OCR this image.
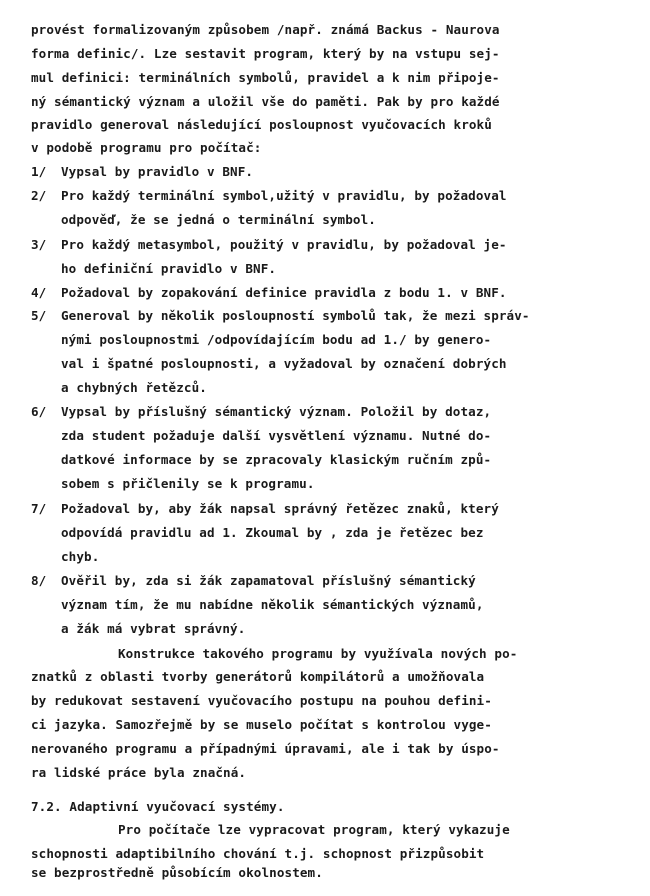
provést formalizovaným způsobem /např. známá Backus - Naurova

forma definic/. Lze sestavit program, který by na vstupu sej-

mul definici: terminálních symbolů, pravidel a k nim připoje-

ný sémantický význam a uložil vše do paměti. Pak by pro každé

pravidlo generoval následující posloupnost vyučovacích kroků

v podobě programu pro počítač:

1/ Vypsal by pravidlo v BNF.

2/ Pro každý terminální symbol,užitý v pravidlu, by požadoval

odpověď, že se jedná o terminální symbol.

3/ Pro každý metasymbol, použitý v pravidlu, by požadoval je-

ho definiční pravidlo v BNF.

4/ Požadoval by zopakování definice pravidla z bodu 1. v BNF.

5/ Generoval by několik posloupností symbolů tak, že mezi správ-

nými posloupnostmi /odpovídajícím bodu ad 1./ by genero-

val i špatné posloupnosti, a vyžadoval by označení dobrých

a chybných řetězců.

6/ Vypsal by příslušný sémantický význam. Položil by dotaz,

zda student požaduje další vysvětlení významu. Nutné do-

datkové informace by se zpracovaly klasickým ručním způ-

sobem s přičlenily se k programu.

7/ Požadoval by, aby žák napsal správný řetězec znaků, který

odpovídá pravidlu ad 1. Zkoumal by , zda je řetězec bez

chyb.

8/ Ověřil by, zda si žák zapamatoval příslušný sémantický

význam tím, že mu nabídne několik sémantických významů,

a žák má vybrat správný.

Konstrukce takového programu by využívala nových po-

znatků z oblasti tvorby generátorů kompilátorů a umožňovala

by redukovat sestavení vyučovacího postupu na pouhou defini-

ci jazyka. Samozřejmě by se muselo počítat s kontrolou vyge-

nerovaného programu a případnými úpravami, ale i tak by úspo-

ra lidské práce byla značná.

7.2. Adaptivní vyučovací systémy.

Pro počítače lze vypracovat program, který vykazuje

schopnosti adaptibilního chování t.j. schopnost přizpůsobit

se bezprostředně působícím okolnostem.
